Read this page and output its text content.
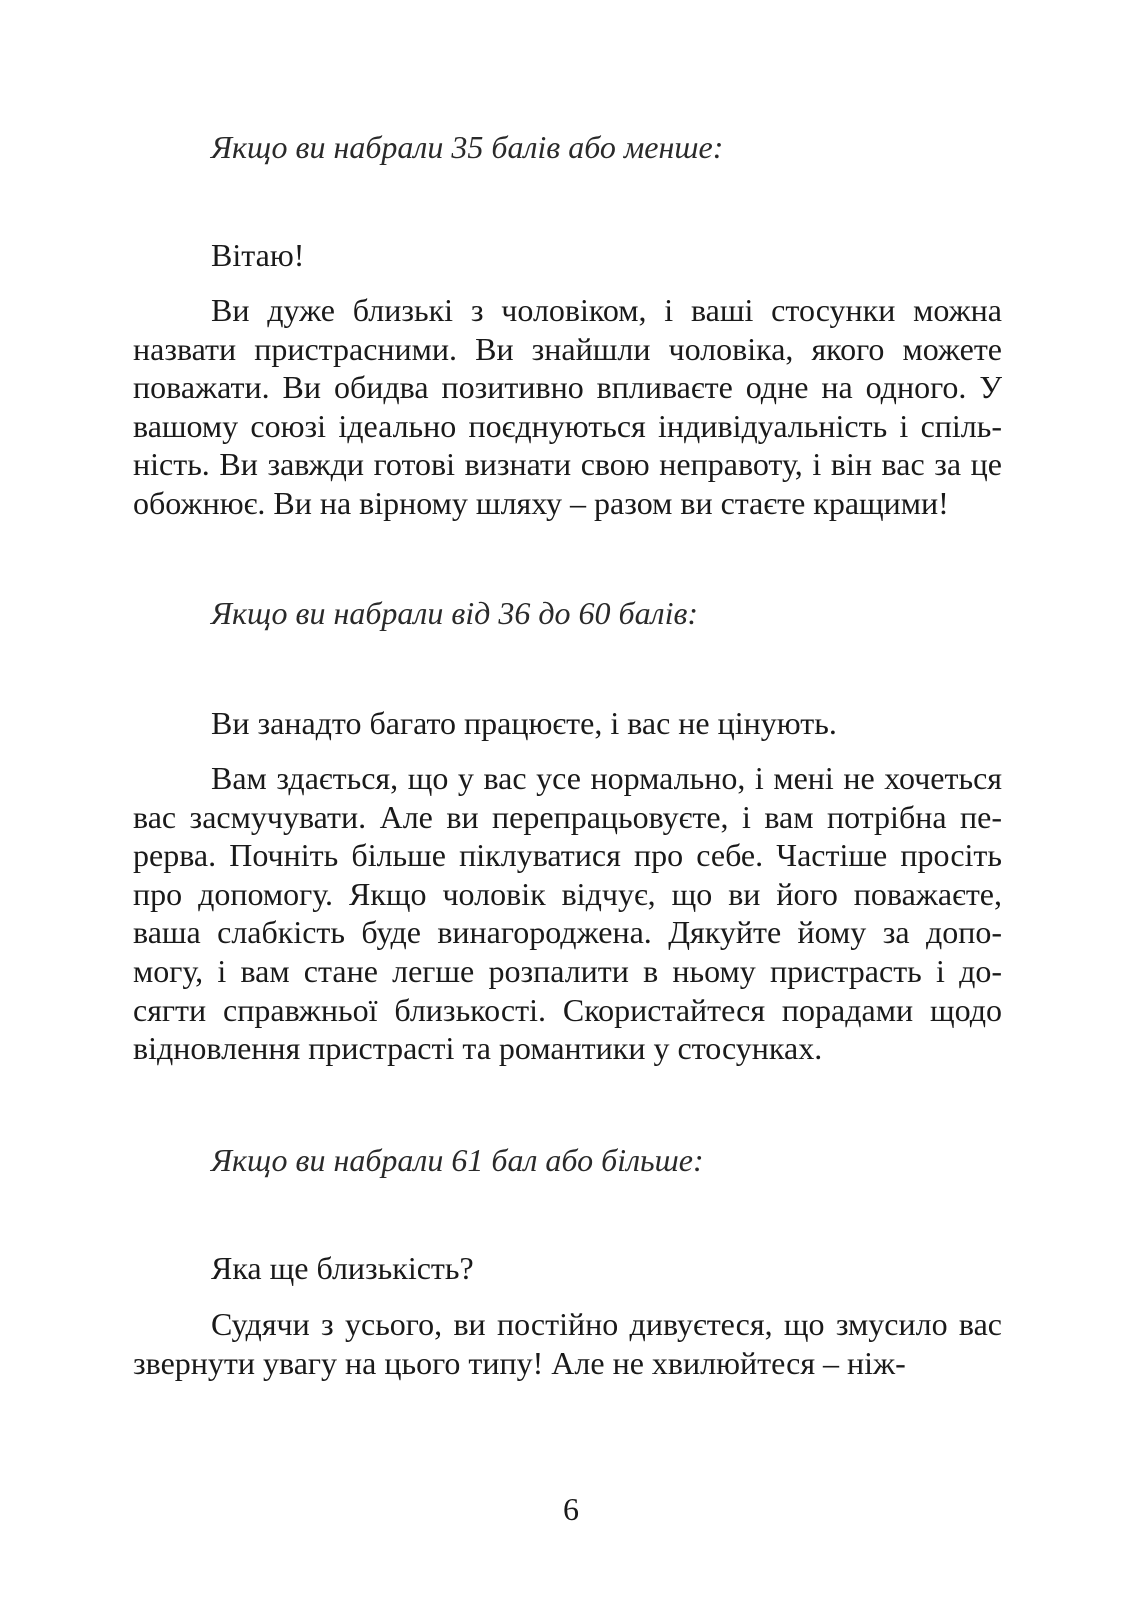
Якщо ви набрали 35 балів або менше:

Вітаю!

Ви дуже близькі з чоловіком, і ваші стосунки можна назвати пристрасними. Ви знайшли чоловіка, якого можете поважати. Ви обидва позитивно впливаєте одне на одного. У вашому союзі ідеально поєднуються індивідуальність і спільність. Ви завжди готові визнати свою неправоту, і він вас за це обожнює. Ви на вірному шляху – разом ви стаєте кращими!

Якщо ви набрали від 36 до 60 балів:

Ви занадто багато працюєте, і вас не цінують.

Вам здається, що у вас усе нормально, і мені не хочеться вас засмучувати. Але ви перепрацьовуєте, і вам потрібна перерва. Почніть більше піклуватися про себе. Частіше просіть про допомогу. Якщо чоловік відчує, що ви його поважаєте, ваша слабкість буде винагороджена. Дякуйте йому за допомогу, і вам стане легше розпалити в ньому пристрасть і досягти справжньої близькості. Скористайтеся порадами щодо відновлення пристрасті та романтики у стосунках.

Якщо ви набрали 61 бал або більше:

Яка ще близькість?

Судячи з усього, ви постійно дивуєтеся, що змусило вас звернути увагу на цього типу! Але не хвилюйтеся – ніж-

6
